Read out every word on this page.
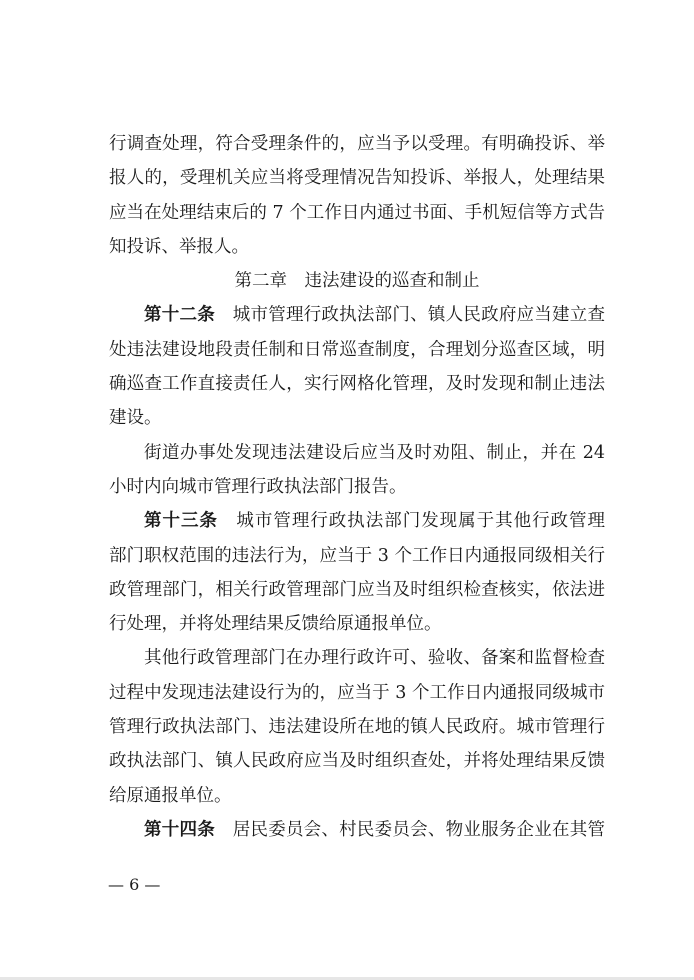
行调查处理，符合受理条件的，应当予以受理。有明确投诉、举
报人的，受理机关应当将受理情况告知投诉、举报人，处理结果
应当在处理结束后的 7 个工作日内通过书面、手机短信等方式告
知投诉、举报人。
第二章　违法建设的巡查和制止
第十二条　 城市管理行政执法部门、镇人民政府应当建立查
处违法建设地段责任制和日常巡查制度，合理划分巡查区域，明
确巡查工作直接责任人，实行网格化管理，及时发现和制止违法
建设。
街道办事处发现违法建设后应当及时劝阻、制止，并在 24
小时内向城市管理行政执法部门报告。
第十三条　 城市管理行政执法部门发现属于其他行政管理
部门职权范围的违法行为，应当于 3 个工作日内通报同级相关行
政管理部门，相关行政管理部门应当及时组织检查核实，依法进
行处理，并将处理结果反馈给原通报单位。
其他行政管理部门在办理行政许可、验收、备案和监督检查
过程中发现违法建设行为的，应当于 3 个工作日内通报同级城市
管理行政执法部门、违法建设所在地的镇人民政府。城市管理行
政执法部门、镇人民政府应当及时组织查处，并将处理结果反馈
给原通报单位。
第十四条　 居民委员会、村民委员会、物业服务企业在其管
— 6 —
